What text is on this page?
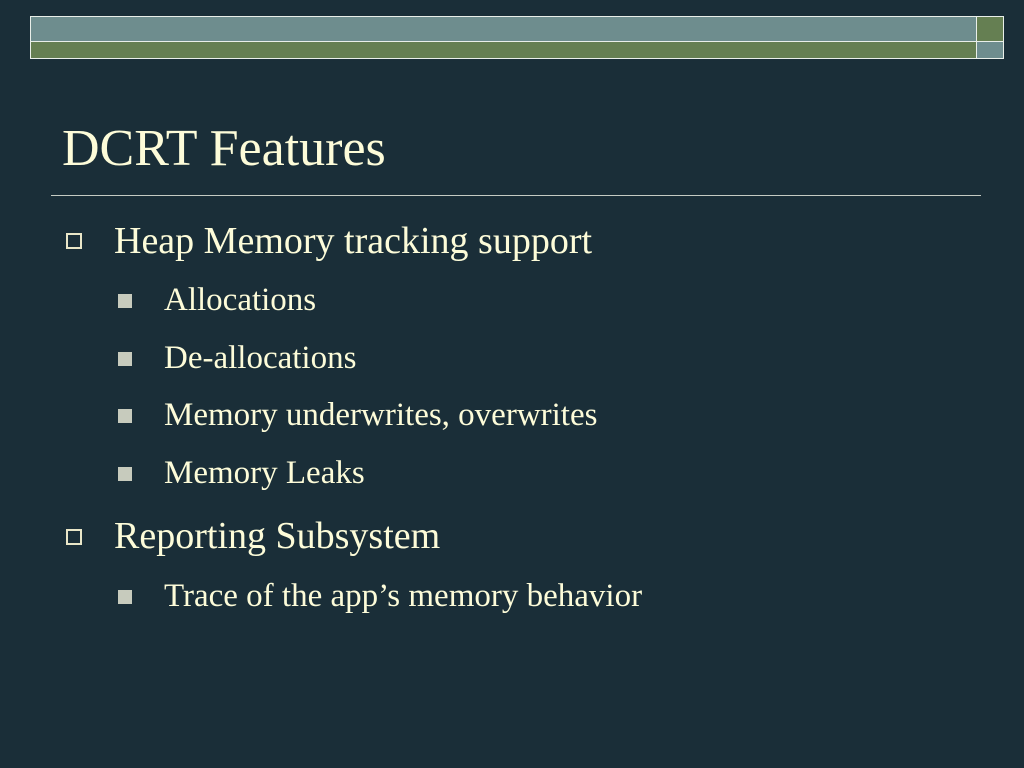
DCRT Features
Heap Memory tracking support
Allocations
De-allocations
Memory underwrites, overwrites
Memory Leaks
Reporting Subsystem
Trace of the app’s memory behavior
